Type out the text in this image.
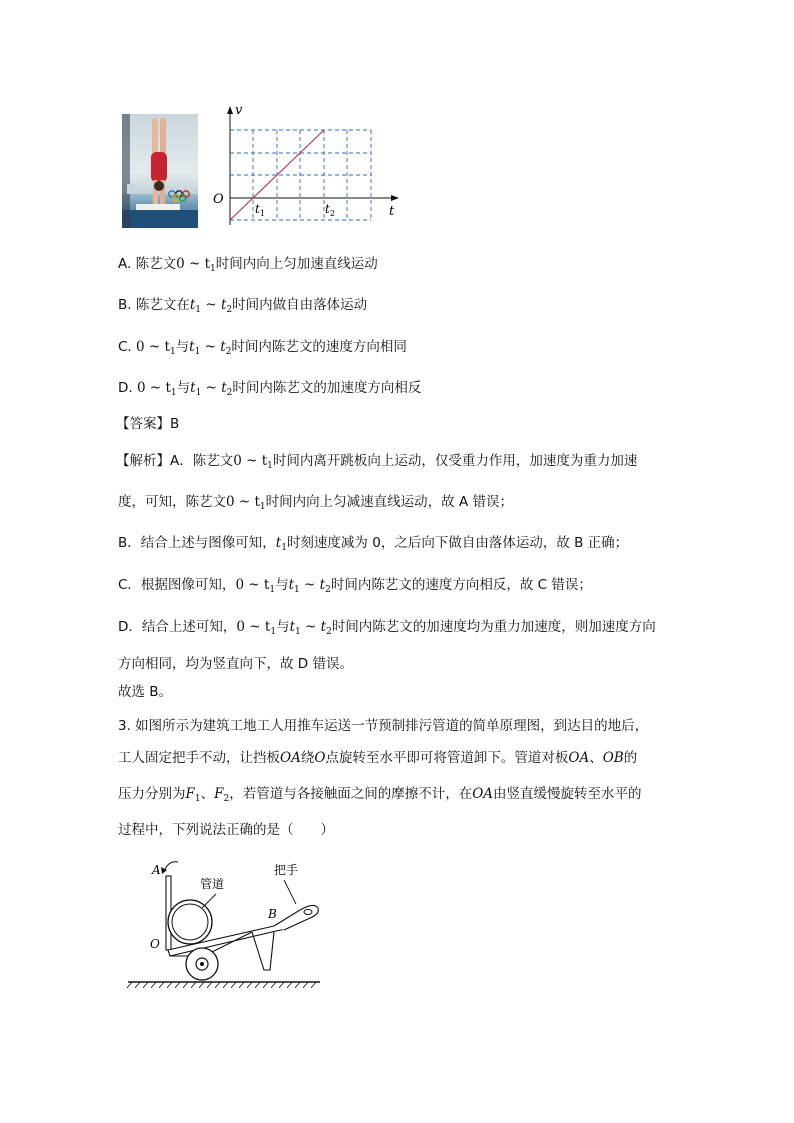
v
t
O
$t_1$	$t_2$
A. 陈艺文0 ~ $t_1$时间内向上匀加速直线运动
B. 陈艺文在$t_1$ ~ $t_2$时间内做自由落体运动
C. 0 ~ $t_1$与$t_1$ ~ $t_2$时间内陈艺文的速度方向相同
D. 0 ~ $t_1$与$t_1$ ~ $t_2$时间内陈艺文的加速度方向相反
【答案】B
【解析】A．陈艺文0 ~ $t_1$时间内离开跳板向上运动，仅受重力作用，加速度为重力加速
度，可知，陈艺文0 ~ $t_1$时间内向上匀减速直线运动，故 A 错误；
B．结合上述与图像可知，$t_1$时刻速度减为 0，之后向下做自由落体运动，故 B 正确；
C．根据图像可知，0 ~ $t_1$与$t_1$ ~ $t_2$时间内陈艺文的速度方向相反，故 C 错误；
D．结合上述可知，0 ~ $t_1$与$t_1$ ~ $t_2$时间内陈艺文的加速度均为重力加速度，则加速度方向
方向相同，均为竖直向下，故 D 错误。
故选 B。
3. 如图所示为建筑工地工人用推车运送一节预制排污管道的简单原理图，到达目的地后，
工人固定把手不动，让挡板OA绕O点旋转至水平即可将管道卸下。管道对板OA、OB的
压力分别为$F_1$、$F_2$，若管道与各接触面之间的摩擦不计，在OA由竖直缓慢旋转至水平的
过程中，下列说法正确的是（　　）
A
O
B
管道
把手
